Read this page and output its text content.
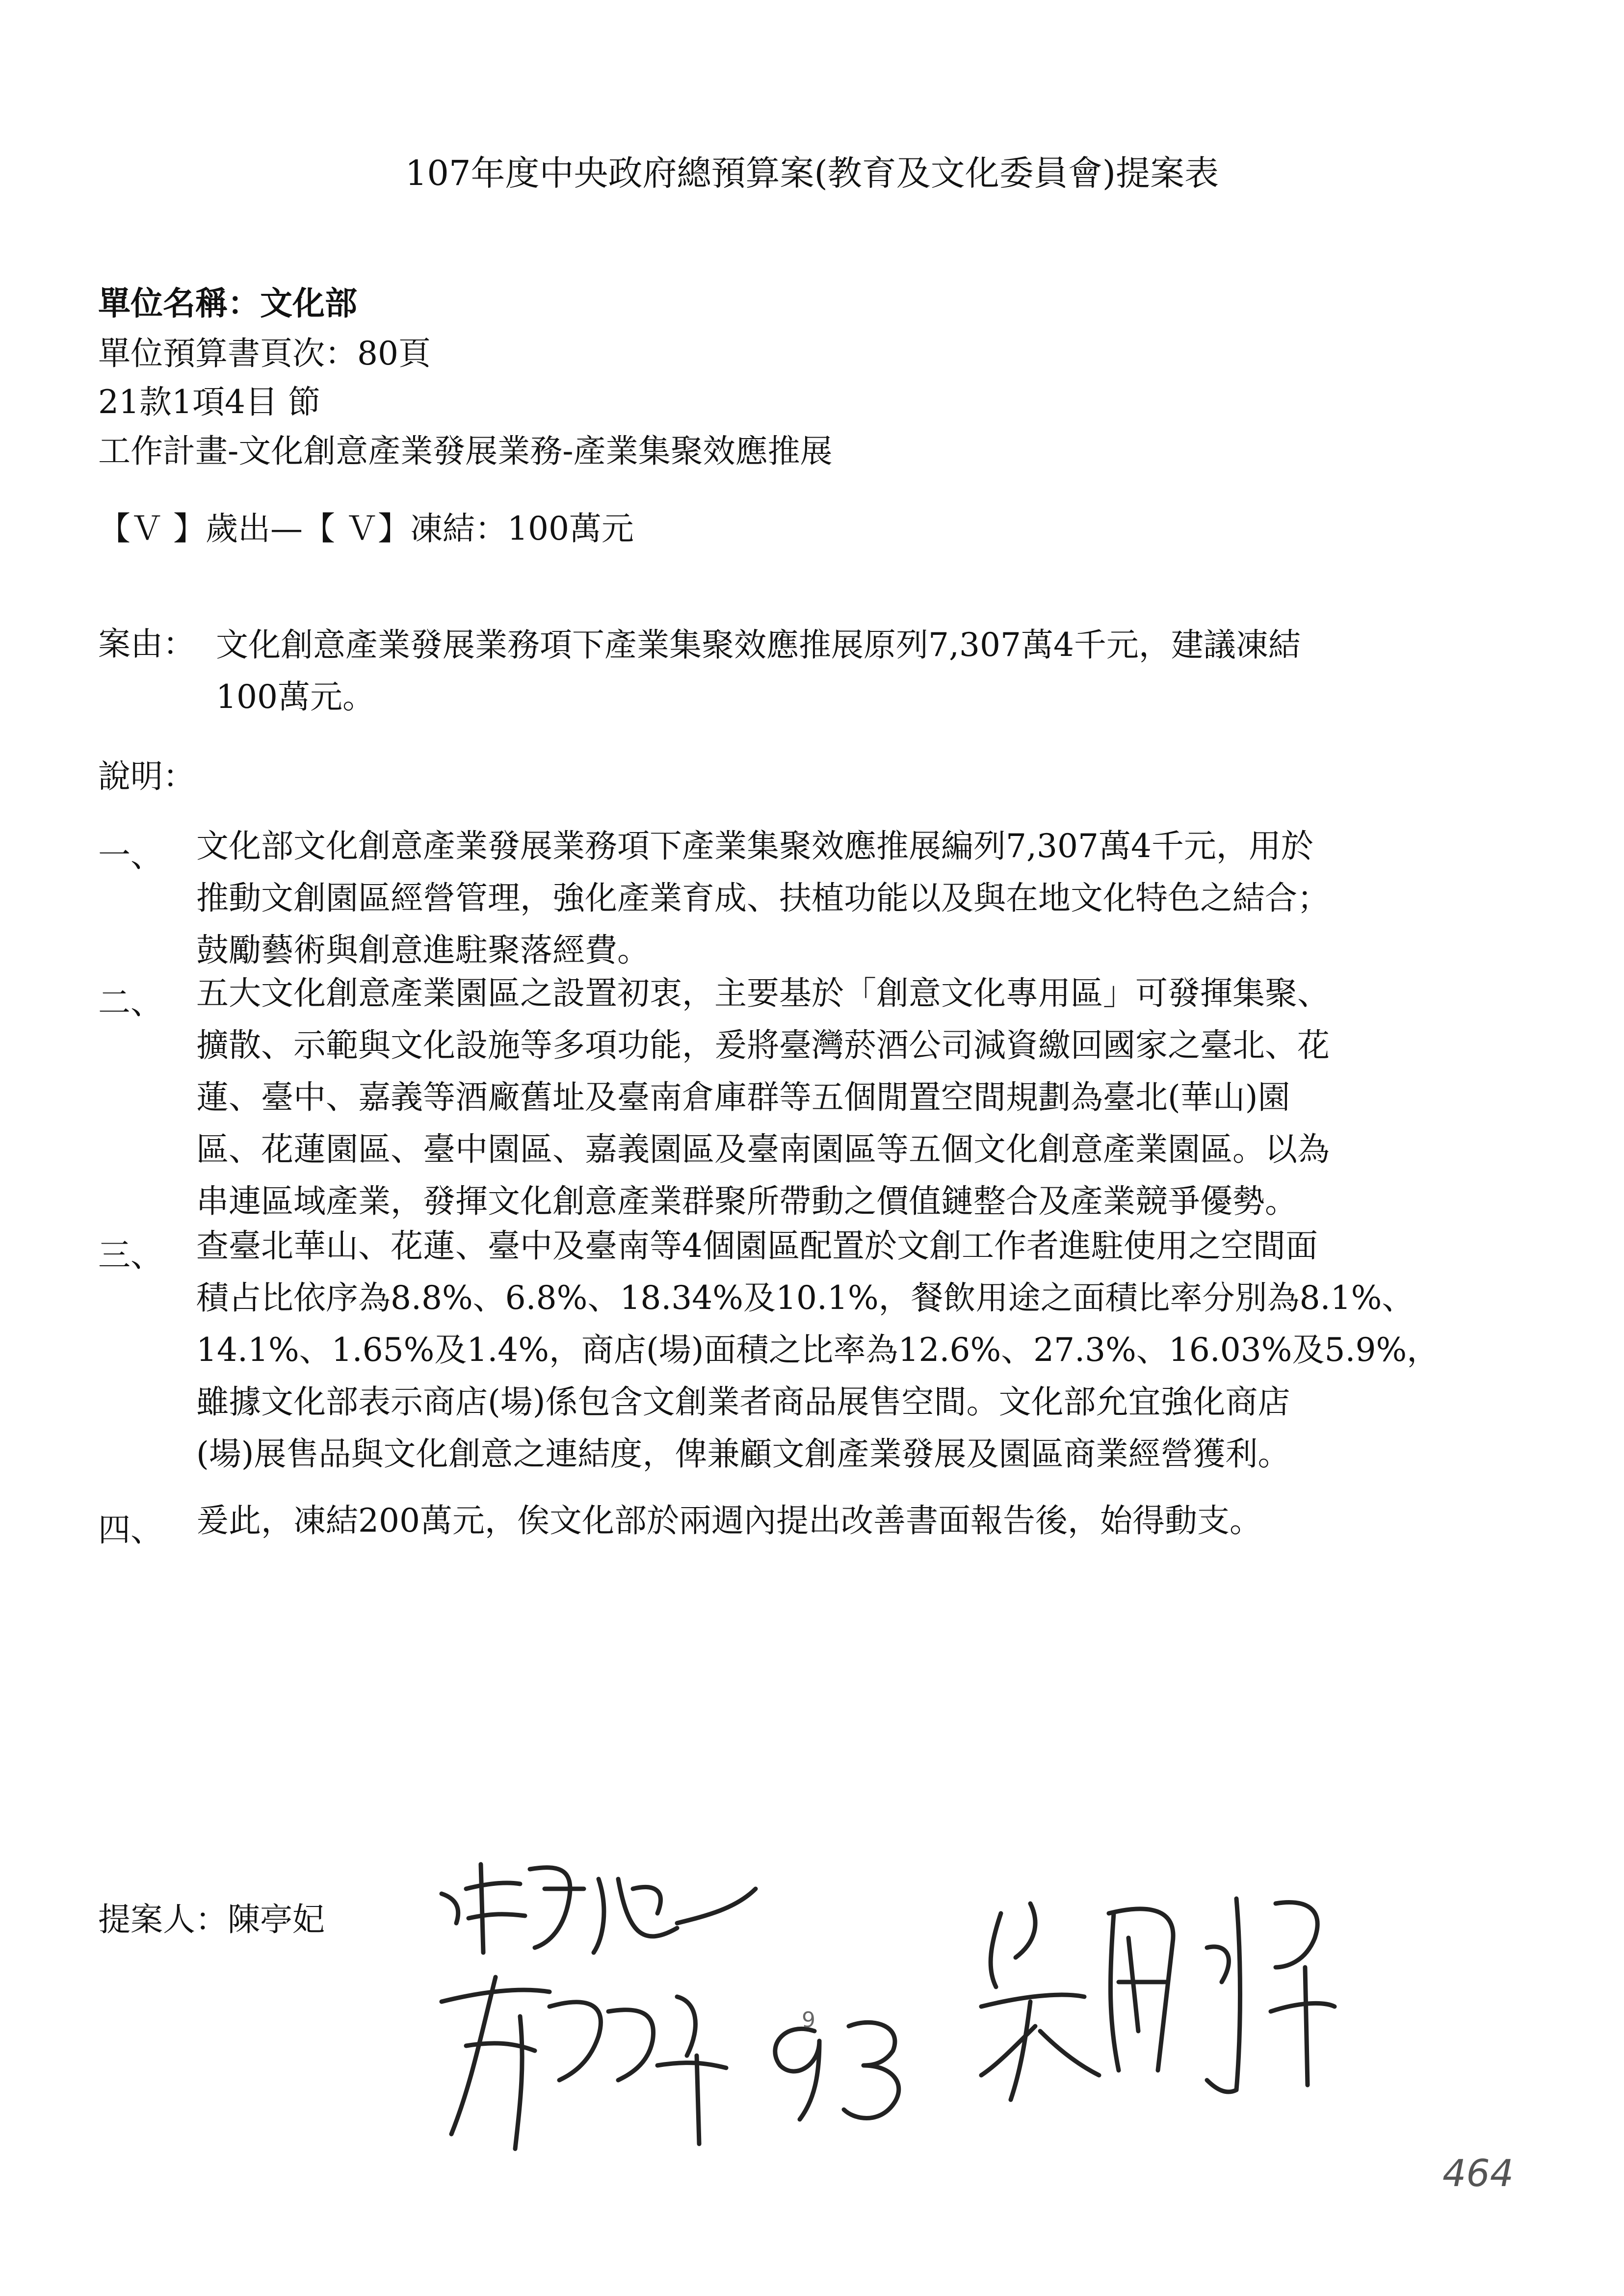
107年度中央政府總預算案(教育及文化委員會)提案表
單位名稱：文化部
單位預算書頁次：80頁
21款1項4目 節
工作計畫-文化創意產業發展業務-產業集聚效應推展
【Ｖ 】歲出—【 Ｖ】凍結：100萬元
案由： 文化創意產業發展業務項下產業集聚效應推展原列7,307萬4千元，建議凍結
100萬元。
說明：
一、 文化部文化創意產業發展業務項下產業集聚效應推展編列7,307萬4千元，用於
推動文創園區經營管理，強化產業育成、扶植功能以及與在地文化特色之結合；
鼓勵藝術與創意進駐聚落經費。
二、 五大文化創意產業園區之設置初衷，主要基於「創意文化專用區」可發揮集聚、
擴散、示範與文化設施等多項功能，爰將臺灣菸酒公司減資繳回國家之臺北、花
蓮、臺中、嘉義等酒廠舊址及臺南倉庫群等五個閒置空間規劃為臺北(華山)園
區、花蓮園區、臺中園區、嘉義園區及臺南園區等五個文化創意產業園區。以為
串連區域產業，發揮文化創意產業群聚所帶動之價值鏈整合及產業競爭優勢。
三、 查臺北華山、花蓮、臺中及臺南等4個園區配置於文創工作者進駐使用之空間面
積占比依序為8.8%、6.8%、18.34%及10.1%，餐飲用途之面積比率分別為8.1%、
14.1%、1.65%及1.4%，商店(場)面積之比率為12.6%、27.3%、16.03%及5.9%，
雖據文化部表示商店(場)係包含文創業者商品展售空間。文化部允宜強化商店
(場)展售品與文化創意之連結度，俾兼顧文創產業發展及園區商業經營獲利。
四、 爰此，凍結200萬元，俟文化部於兩週內提出改善書面報告後，始得動支。
提案人：陳亭妃
9
464
